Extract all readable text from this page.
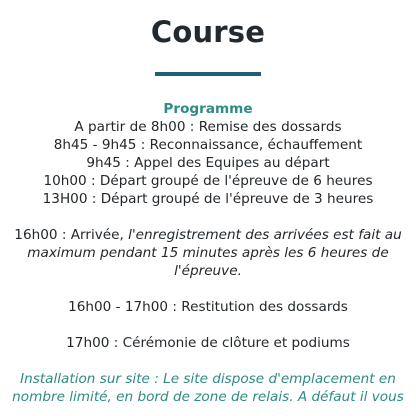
Course

Programme

A partir de 8h00 : Remise des dossards

8h45 - 9h45 : Reconnaissance, échauffement

9h45 : Appel des Equipes au départ

10h00 : Départ groupé de l'épreuve de 6 heures

13H00 : Départ groupé de l'épreuve de 3 heures

16h00 : Arrivée, l'enregistrement des arrivées est fait au

maximum pendant 15 minutes après les 6 heures de

l'épreuve.

16h00 - 17h00 : Restitution des dossards

17h00 : Cérémonie de clôture et podiums

Installation sur site : Le site dispose d'emplacement en

nombre limité, en bord de zone de relais. A défaut il vous
